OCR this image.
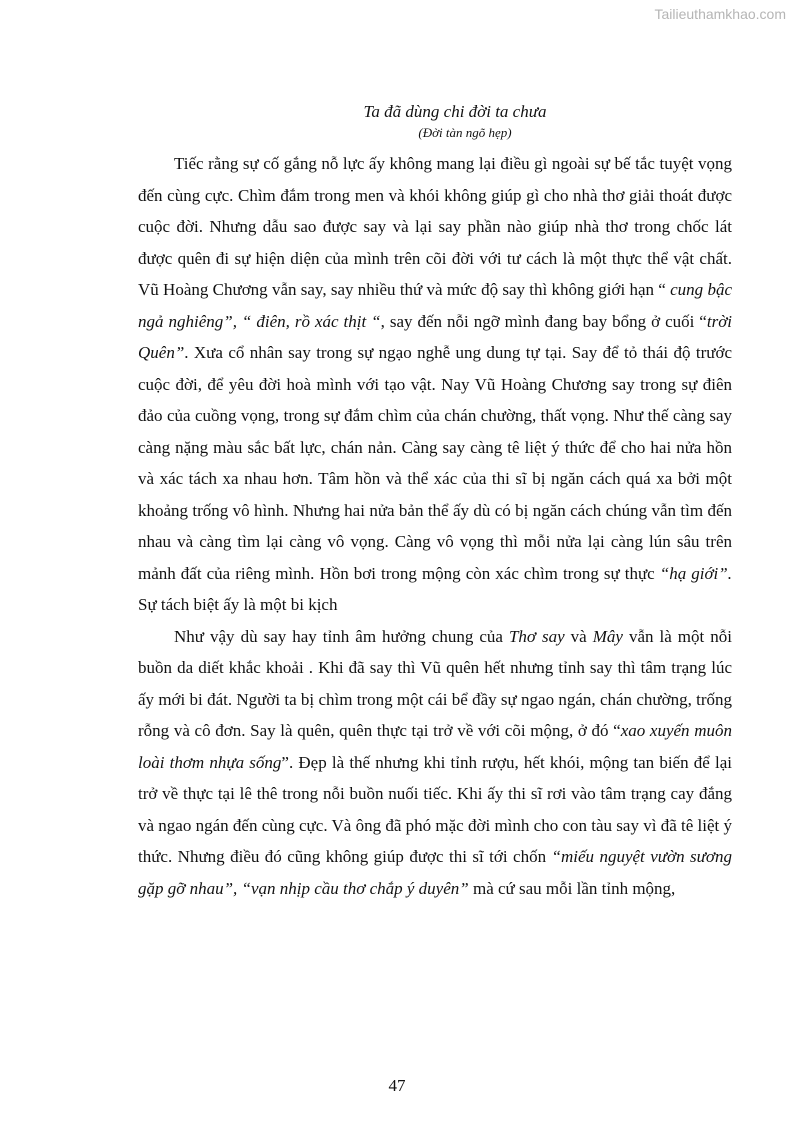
Tailieuthamkhao.com

Ta đã dùng chi đời ta chưa

(Đời tàn ngõ hẹp)

Tiếc rằng sự cố gắng nỗ lực ấy không mang lại điều gì ngoài sự bế tắc tuyệt vọng đến cùng cực. Chìm đắm trong men và khói không giúp gì cho nhà thơ giải thoát được cuộc đời. Nhưng dẫu sao được say và lại say phần nào giúp nhà thơ trong chốc lát được quên đi sự hiện diện của mình trên cõi đời với tư cách là một thực thể vật chất. Vũ Hoàng Chương vẫn say, say nhiều thứ và mức độ say thì không giới hạn “ cung bậc ngả nghiêng”, “ điên, rồ xác thịt “, say đến nỗi ngỡ mình đang bay bổng ở cuối “trời Quên”. Xưa cổ nhân say trong sự ngạo nghễ ung dung tự tại. Say để tỏ thái độ trước cuộc đời, để yêu đời hoà mình với tạo vật. Nay Vũ Hoàng Chương say trong sự điên đảo của cuồng vọng, trong sự đắm chìm của chán chường, thất vọng. Như thế càng say càng nặng màu sắc bất lực, chán nản. Càng say càng tê liệt ý thức để cho hai nửa hồn và xác tách xa nhau hơn. Tâm hồn và thể xác của thi sĩ bị ngăn cách quá xa bởi một khoảng trống vô hình. Nhưng hai nửa bản thể ấy dù có bị ngăn cách chúng vẫn tìm đến nhau và càng tìm lại càng vô vọng. Càng vô vọng thì mỗi nửa lại càng lún sâu trên mảnh đất của riêng mình. Hồn bơi trong mộng còn xác chìm trong sự thực “hạ giới”. Sự tách biệt ấy là một bi kịch

Như vậy dù say hay tỉnh âm hưởng chung của Thơ say và Mây vẫn là một nỗi buồn da diết khắc khoải . Khi đã say thì Vũ quên hết nhưng tỉnh say thì tâm trạng lúc ấy mới bi đát. Người ta bị chìm trong một cái bể đầy sự ngao ngán, chán chường, trống rỗng và cô đơn. Say là quên, quên thực tại trở về với cõi mộng, ở đó “xao xuyến muôn loài thơm nhựa sống”. Đẹp là thế nhưng khi tỉnh rượu, hết khói, mộng tan biến để lại trở về thực tại lê thê trong nỗi buồn nuối tiếc. Khi ấy thi sĩ rơi vào tâm trạng cay đắng và ngao ngán đến cùng cực. Và ông đã phó mặc đời mình cho con tàu say vì đã tê liệt ý thức. Nhưng điều đó cũng không giúp được thi sĩ tới chốn “miếu nguyệt vườn sương gặp gỡ nhau”, “vạn nhịp cầu thơ chắp ý duyên” mà cứ sau mỗi lần tỉnh mộng,

47
